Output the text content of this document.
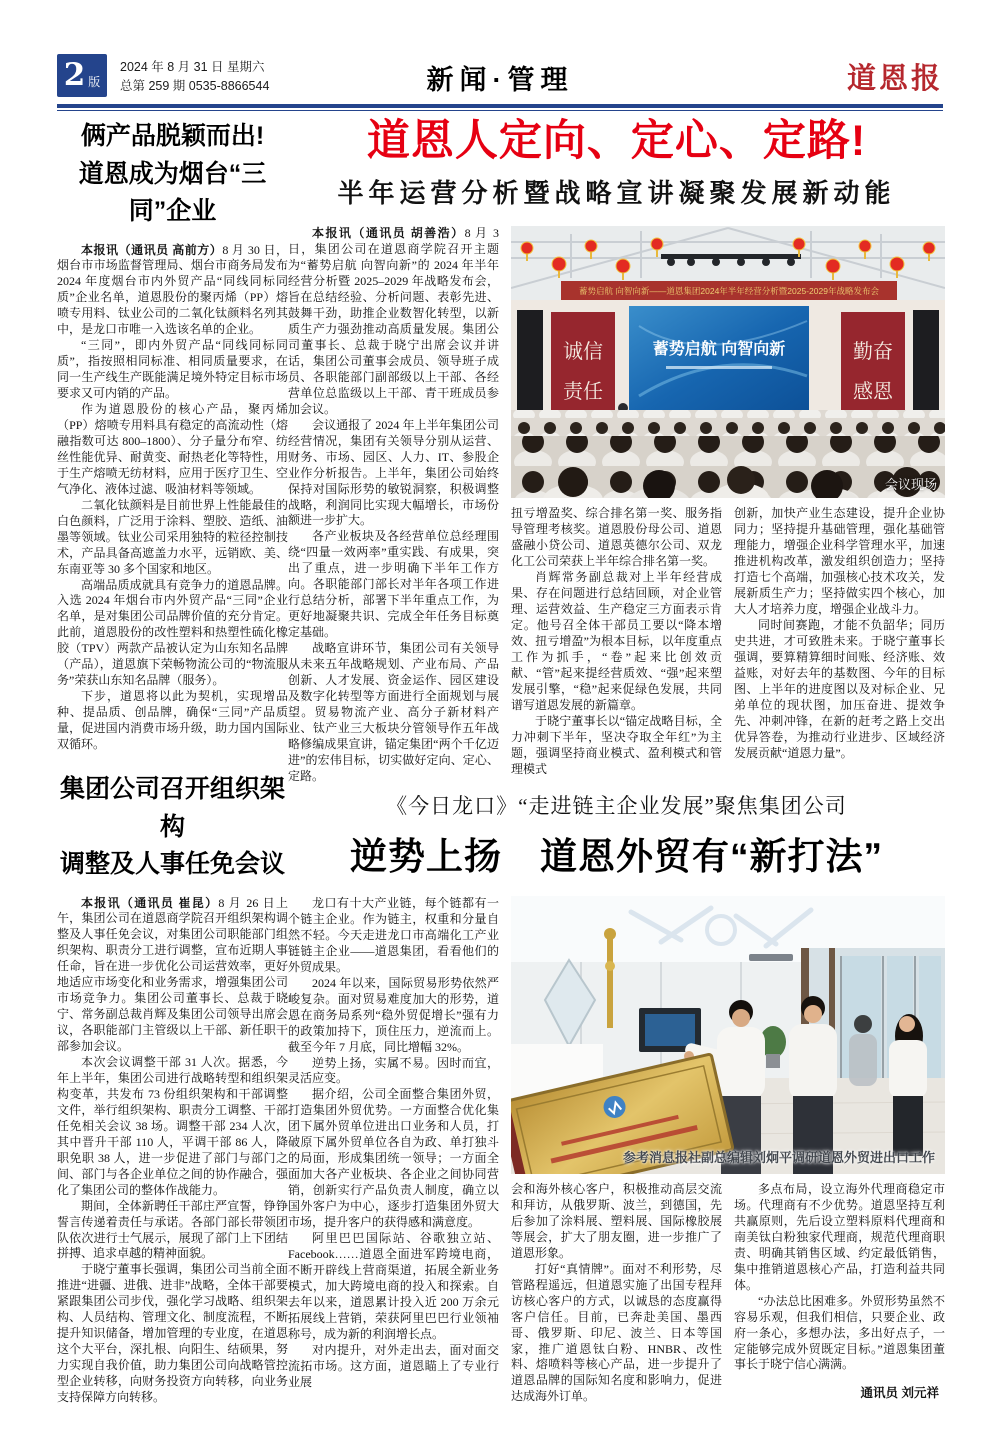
2 版
2024 年 8 月 31 日 星期六
总第 259 期 0535-8866544	新闻·管理	道恩报
俩产品脱颖而出!
道恩成为烟台“三同”企业

本报讯（通讯员 高前方）8 月 30 日，烟台市市场监督管理局、烟台市商务局发布 2024 年度烟台市内外贸产品“同线同标同质”企业名单，道恩股份的聚丙烯（PP）熔喷专用料、钛业公司的二氧化钛颜料名列其中，是龙口市唯一入选该名单的企业。

“三同”，即内外贸产品“同线同标同质”，指按照相同标准、相同质量要求，在同一生产线生产既能满足境外特定目标市场要求又可内销的产品。

作为道恩股份的核心产品，聚丙烯（PP）熔喷专用料具有稳定的高流动性（熔融指数可达 800–1800）、分子量分布窄、纺丝性能优异、耐黄变、耐热老化等特性，用于生产熔喷无纺材料，应用于医疗卫生、空气净化、液体过滤、吸油材料等领域。

二氧化钛颜料是目前世界上性能最佳的白色颜料，广泛用于涂料、塑胶、造纸、油墨等领域。钛业公司采用独特的粒径控制技术，产品具备高遮盖力水平，远销欧、美、东南亚等 30 多个国家和地区。

高端品质成就具有竞争力的道恩品牌。入选 2024 年烟台市内外贸产品“三同”企业名单，是对集团公司品牌价值的充分肯定。此前，道恩股份的改性塑料和热塑性硫化橡胶（TPV）两款产品被认定为山东知名品牌（产品），道恩旗下荣畅物流公司的“物流服务”荣获山东知名品牌（服务）。

下步，道恩将以此为契机，实现增品种、提品质、创品牌，确保“三同”产品质量，促进国内消费市场升级，助力国内国际双循环。

集团公司召开组织架构
调整及人事任免会议

本报讯（通讯员 崔昆）8 月 26 日上午，集团公司在道恩商学院召开组织架构调整及人事任免会议，对集团公司职能部门组织架构、职责分工进行调整，宣布近期人事任命，旨在进一步优化公司运营效率，更好地适应市场变化和业务需求，增强集团公司市场竞争力。集团公司董事长、总裁于晓宁、常务副总裁肖辉及集团公司领导出席会议，各职能部门主管级以上干部、新任职干部参加会议。

本次会议调整干部 31 人次。据悉，今年上半年，集团公司进行战略转型和组织架构变革，共发布 73 份组织架构和干部调整文件，举行组织架构、职责分工调整、干部任免相关会议 38 场。调整干部 234 人次，其中晋升干部 110 人，平调干部 86 人，降职免职 38 人，进一步促进了部门与部门之间、部门与各企业单位之间的协作融合，强化了集团公司的整体作战能力。

期间，全体新聘任干部庄严宣誓，铮铮誓言传递着责任与承诺。各部门部长带领团队依次进行士气展示，展现了部门上下团结拼搏、追求卓越的精神面貌。

于晓宁董事长强调，集团公司当前全面推进“进疆、进俄、进非”战略，全体干部要紧跟集团公司步伐，强化学习战略、组织架构、人员结构、管理文化、制度流程，不断提升知识储备，增加管理的专业度，在道恩这个大平台，深扎根、向阳生、结硕果，努力实现自我价值，助力集团公司向战略管控型企业转移，向财务投资方向转移，向业务支持保障方向转移。

道恩人定向、定心、定路!
半年运营分析暨战略宣讲凝聚发展新动能

本报讯（通讯员 胡善浩）8 月 3 日，集团公司在道恩商学院召开主题为“蓄势启航 向智向新”的 2024 年半年经营分析暨 2025–2029 年战略发布会，旨在总结经验、分析问题、表彰先进、鼓舞干劲，助推企业数智化转型，以新质生产力强劲推动高质量发展。集团公司董事长、总裁于晓宁出席会议并讲话，集团公司董事会成员、领导班子成员、各职能部门副部级以上干部、各经营单位总监级以上干部、青干班成员参加会议。

会议通报了 2024 年上半年集团公司经营情况，集团有关领导分别从运营、财务、市场、园区、人力、IT、参股企业作分析报告。上半年，集团公司始终保持对国际形势的敏锐洞察，积极调整战略，利润同比实现大幅增长，市场份额进一步扩大。

各产业板块及各经营单位总经理围绕“四量一效两率”重实践、有成果，突出了重点，进一步明确下半年工作方向。各职能部门部长对半年各项工作进行总结分析，部署下半年重点工作，为更好地凝聚共识、完成全年任务目标奠定基础。

战略宣讲环节，集团公司有关领导从未来五年战略规划、产业布局、产品创新、人才发展、资金运作、园区建设及数字化转型等方面进行全面规划与展望。贸易物流产业、高分子新材料产业、钛产业三大板块分管领导作五年战略修编成果宣讲，锚定集团“两个千亿迈进”的宏伟目标，切实做好定向、定心、定路。

蓄势启航 向智向新——道恩集团2024年半年经营分析暨2025-2029年战略发布会
诚信
责任
勤奋
感恩
蓄势启航 向智向新
会议现场

扭亏增盈奖、综合排名第一奖、服务指导管理考核奖。道恩股份母公司、道恩盛融小贷公司、道恩英德尔公司、双龙化工公司荣获上半年综合排名第一奖。

肖辉常务副总裁对上半年经营成果、存在问题进行总结回顾，对企业管理、运营效益、生产稳定三方面表示肯定。他号召全体干部员工要以“降本增效、扭亏增盈”为根本目标，以年度重点工作为抓手，“卷”起来比创效贡献、“管”起来提经营质效、“强”起来塑发展引擎，“稳”起来促绿色发展，共同谱写道恩发展的新篇章。

于晓宁董事长以“锚定战略目标，全力冲刺下半年，坚决夺取全年红”为主题，强调坚持商业模式、盈利模式和管理模式

创新，加快产业生态建设，提升企业协同力；坚持提升基础管理，强化基础管理能力，增强企业科学管理水平，加速推进机构改革，激发组织创造力；坚持打造七个高端，加强核心技术攻关，发展新质生产力；坚持做实四个核心，加大人才培养力度，增强企业战斗力。

同时间赛跑，才能不负韶华；同历史共进，才可致胜未来。于晓宁董事长强调，要算精算细时间账、经济账、效益账，对好去年的基数图、今年的目标图、上半年的进度图以及对标企业、兄弟单位的现状图，加压奋进、提效争先、冲刺冲锋，在新的赶考之路上交出优异答卷，为推动行业进步、区域经济发展贡献“道恩力量”。

《今日龙口》“走进链主企业发展”聚焦集团公司
逆势上扬　道恩外贸有“新打法”

龙口有十大产业链，每个链都有一个链主企业。作为链主，权重和分量自然不轻。今天走进龙口市高端化工产业链链主企业——道恩集团，看看他们的外贸成果。

2024 年以来，国际贸易形势依然严峻复杂。面对贸易难度加大的形势，道恩在商务局系列“稳外贸促增长”强有力的政策加持下，顶住压力，逆流而上。截至今年 7 月底，同比增幅 32%。

逆势上扬，实属不易。因时而宜，灵活应变。

据介绍，公司全面整合集团外贸，打造集团外贸优势。一方面整合优化集团下属外贸单位进出口业务和人员，打破原下属外贸单位各自为政、单打独斗的局面，形成集团统一领导；一方面全面加大各产业板块、各企业之间协同营销，创新实行产品负责人制度，确立以国外客户为中心，逐步打造集团外贸大市场，提升客户的获得感和满意度。

阿里巴巴国际站、谷歌独立站、Facebook……道恩全面进军跨境电商，不断开辟线上营商渠道，拓展全新业务模式，加大跨境电商的投入和探索。自去年以来，道恩累计投入近 200 万余元拓展线上营销，荣获阿里巴巴行业领袖称号，成为新的利润增长点。

对内提升，对外走出去，面对面交流拓市场。这方面，道恩瞄上了专业行业展

参考消息报社副总编辑刘炯平调研道恩外贸进出口工作

会和海外核心客户，积极推动高层交流和拜访，从俄罗斯、波兰，到德国，先后参加了涂料展、塑料展、国际橡胶展等展会，扩大了朋友圈，进一步推广了道恩形象。

打好“真情牌”。面对不利形势，尽管路程遥远，但道恩实施了出国专程拜访核心客户的方式，以诚恳的态度赢得客户信任。目前，已奔赴美国、墨西哥、俄罗斯、印尼、波兰、日本等国家，推广道恩钛白粉、HNBR、改性料、熔喷料等核心产品，进一步提升了道恩品牌的国际知名度和影响力，促进达成海外订单。

多点布局，设立海外代理商稳定市场。代理商有不少优势。道恩坚持互利共赢原则，先后设立塑料原料代理商和南美钛白粉独家代理商，规范代理商职责、明确其销售区域、约定最低销售，集中推销道恩核心产品，打造利益共同体。

“办法总比困难多。外贸形势虽然不容易乐观，但我们相信，只要企业、政府一条心，多想办法，多出好点子，一定能够完成外贸既定目标。”道恩集团董事长于晓宁信心满满。

通讯员 刘元祥
